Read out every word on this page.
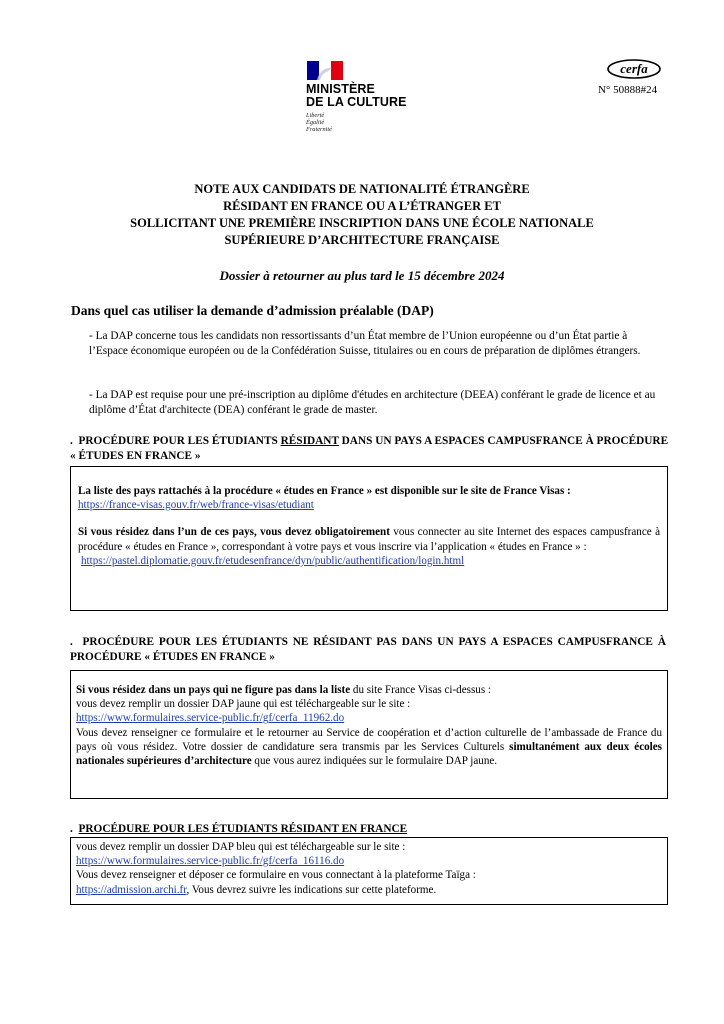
MINISTÈRE
DE LA CULTURE
Liberté
Égalité
Fraternité
cerfa
N° 50888#24
NOTE AUX CANDIDATS DE NATIONALITÉ ÉTRANGÈRE
RÉSIDANT EN FRANCE OU A L’ÉTRANGER ET
SOLLICITANT UNE PREMIÈRE INSCRIPTION DANS UNE ÉCOLE NATIONALE
SUPÉRIEURE D’ARCHITECTURE FRANÇAISE
Dossier à retourner au plus tard le 15 décembre 2024
Dans quel cas utiliser la demande d’admission préalable (DAP)
- La DAP concerne tous les candidats non ressortissants d’un État membre de l’Union européenne ou d’un État partie à l’Espace économique européen ou de la Confédération Suisse, titulaires ou en cours de préparation de diplômes étrangers.
- La DAP est requise pour une pré-inscription au diplôme d'études en architecture (DEEA) conférant le grade de licence et au diplôme d’État d'architecte (DEA) conférant le grade de master.
.  PROCÉDURE POUR LES ÉTUDIANTS RÉSIDANT DANS UN PAYS A ESPACES CAMPUSFRANCE À PROCÉDURE « ÉTUDES EN FRANCE »
La liste des pays rattachés à la procédure « études en France » est disponible sur le site de France Visas :
https://france-visas.gouv.fr/web/france-visas/etudiant
Si vous résidez dans l’un de ces pays, vous devez obligatoirement vous connecter au site Internet des espaces campusfrance à procédure « études en France », correspondant à votre pays et vous inscrire via l’application « études en France » :
https://pastel.diplomatie.gouv.fr/etudesenfrance/dyn/public/authentification/login.html
.  PROCÉDURE POUR LES ÉTUDIANTS NE RÉSIDANT PAS DANS UN PAYS A ESPACES CAMPUSFRANCE À PROCÉDURE « ÉTUDES EN FRANCE »
Si vous résidez dans un pays qui ne figure pas dans la liste du site France Visas ci-dessus :
vous devez remplir un dossier DAP jaune qui est téléchargeable sur le site :
https://www.formulaires.service-public.fr/gf/cerfa_11962.do
Vous devez renseigner ce formulaire et le retourner au Service de coopération et d’action culturelle de l’ambassade de France du pays où vous résidez. Votre dossier de candidature sera transmis par les Services Culturels simultanément aux deux écoles nationales supérieures d’architecture que vous aurez indiquées sur le formulaire DAP jaune.
.  PROCÉDURE POUR LES ÉTUDIANTS RÉSIDANT EN FRANCE
vous devez remplir un dossier DAP bleu qui est téléchargeable sur le site :
https://www.formulaires.service-public.fr/gf/cerfa_16116.do
Vous devez renseigner et déposer ce formulaire en vous connectant à la plateforme Taïga :
https://admission.archi.fr, Vous devrez suivre les indications sur cette plateforme.
